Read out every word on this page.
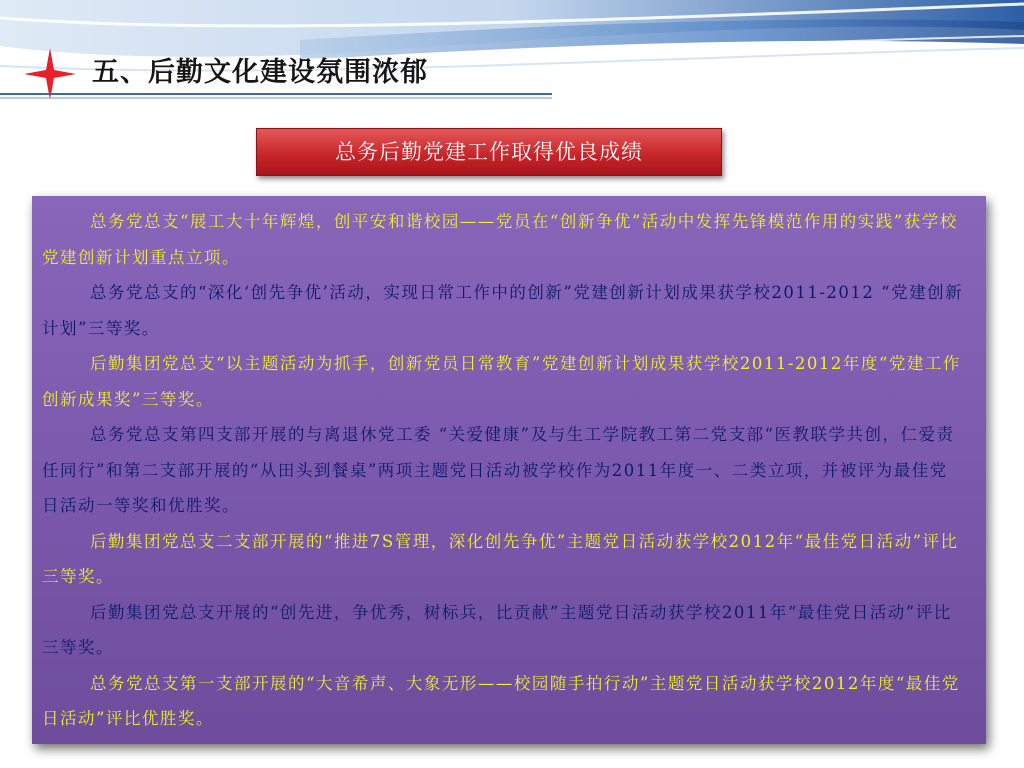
五、后勤文化建设氛围浓郁
总务后勤党建工作取得优良成绩

总务党总支“展工大十年辉煌，创平安和谐校园——党员在“创新争优”活动中发挥先锋模范作用的实践”获学校党建创新计划重点立项。

总务党总支的“深化‘创先争优’活动，实现日常工作中的创新”党建创新计划成果获学校2011-2012 “党建创新计划”三等奖。

后勤集团党总支“以主题活动为抓手，创新党员日常教育”党建创新计划成果获学校2011-2012年度“党建工作创新成果奖”三等奖。

总务党总支第四支部开展的与离退休党工委 “关爱健康”及与生工学院教工第二党支部“医教联学共创，仁爱责任同行”和第二支部开展的“从田头到餐桌”两项主题党日活动被学校作为2011年度一、二类立项，并被评为最佳党日活动一等奖和优胜奖。

后勤集团党总支二支部开展的“推进7S管理，深化创先争优”主题党日活动获学校2012年“最佳党日活动”评比三等奖。

后勤集团党总支开展的“创先进，争优秀，树标兵，比贡献”主题党日活动获学校2011年“最佳党日活动”评比三等奖。

总务党总支第一支部开展的“大音希声、大象无形——校园随手拍行动”主题党日活动获学校2012年度“最佳党日活动”评比优胜奖。
